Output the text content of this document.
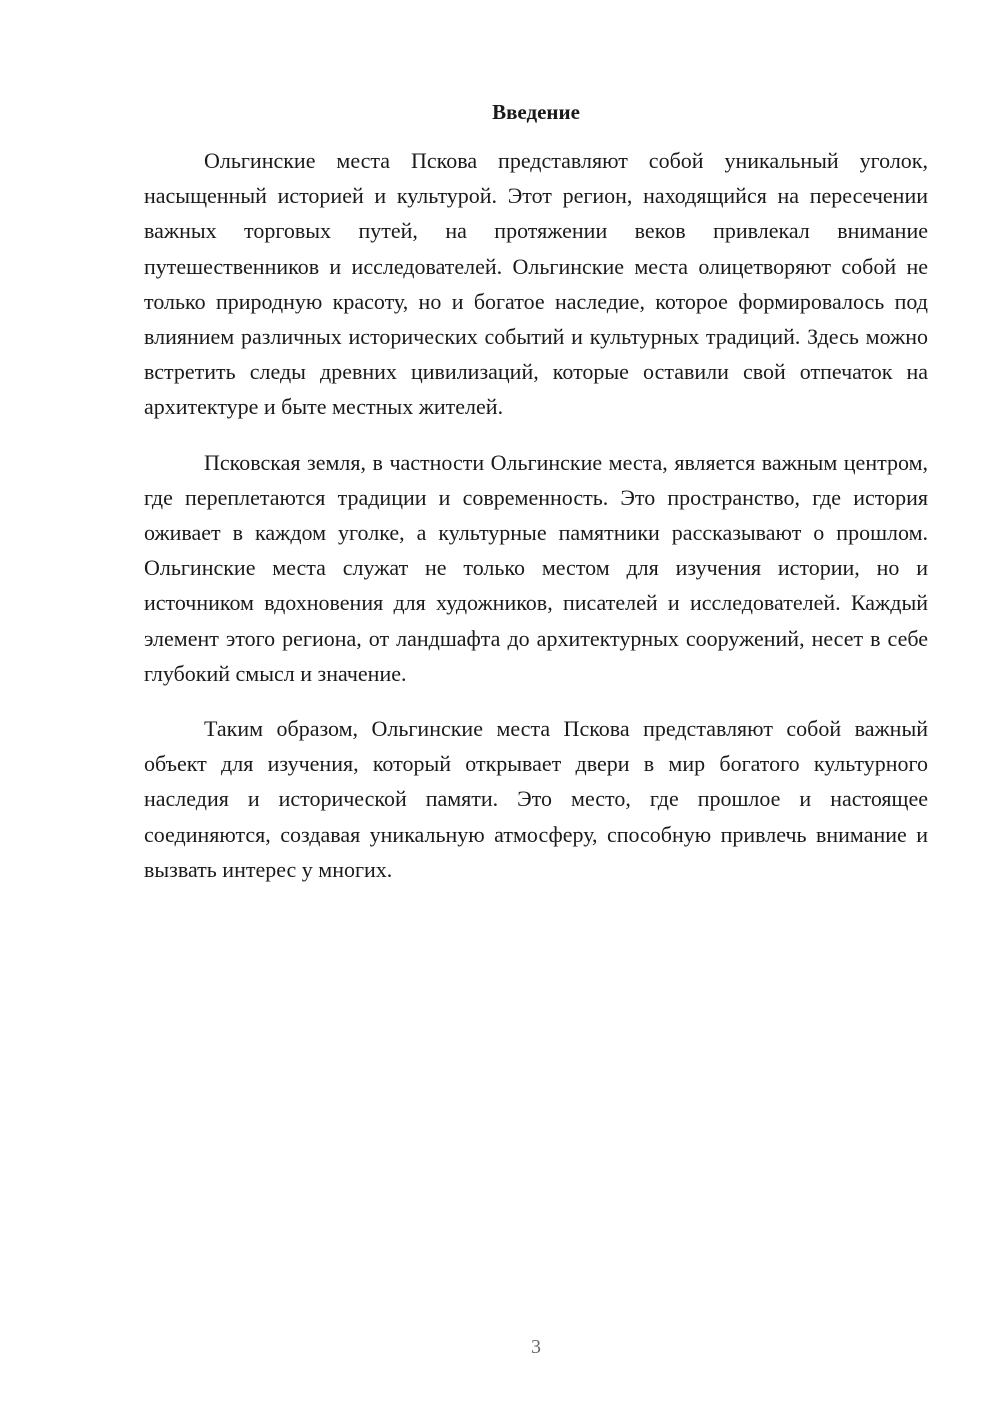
Введение

Ольгинские места Пскова представляют собой уникальный уголок, насыщенный историей и культурой. Этот регион, находящийся на пересечении важных торговых путей, на протяжении веков привлекал внимание путешественников и исследователей. Ольгинские места олицетворяют собой не только природную красоту, но и богатое наследие, которое формировалось под влиянием различных исторических событий и культурных традиций. Здесь можно встретить следы древних цивилизаций, которые оставили свой отпечаток на архитектуре и быте местных жителей.

Псковская земля, в частности Ольгинские места, является важным центром, где переплетаются традиции и современность. Это пространство, где история оживает в каждом уголке, а культурные памятники рассказывают о прошлом. Ольгинские места служат не только местом для изучения истории, но и источником вдохновения для художников, писателей и исследователей. Каждый элемент этого региона, от ландшафта до архитектурных сооружений, несет в себе глубокий смысл и значение.

Таким образом, Ольгинские места Пскова представляют собой важный объект для изучения, который открывает двери в мир богатого культурного наследия и исторической памяти. Это место, где прошлое и настоящее соединяются, создавая уникальную атмосферу, способную привлечь внимание и вызвать интерес у многих.

3
